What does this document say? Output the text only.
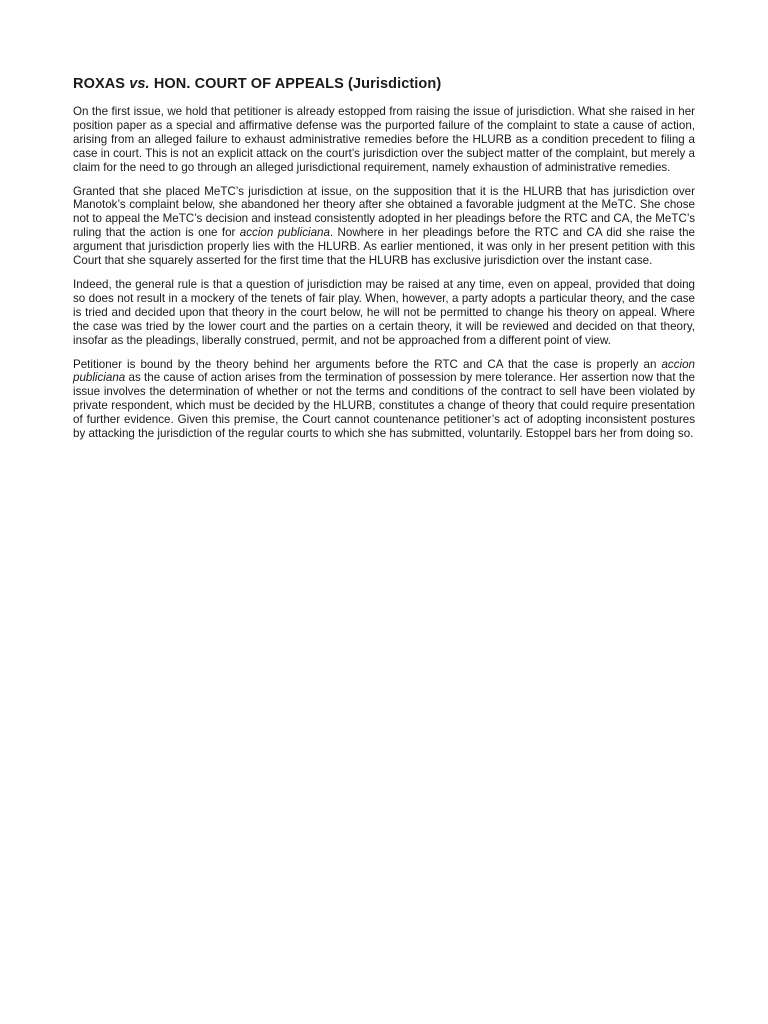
ROXAS vs. HON. COURT OF APPEALS (Jurisdiction)

On the first issue, we hold that petitioner is already estopped from raising the issue of jurisdiction. What she raised in her position paper as a special and affirmative defense was the purported failure of the complaint to state a cause of action, arising from an alleged failure to exhaust administrative remedies before the HLURB as a condition precedent to filing a case in court. This is not an explicit attack on the court’s jurisdiction over the subject matter of the complaint, but merely a claim for the need to go through an alleged jurisdictional requirement, namely exhaustion of administrative remedies.

Granted that she placed MeTC’s jurisdiction at issue, on the supposition that it is the HLURB that has jurisdiction over Manotok’s complaint below, she abandoned her theory after she obtained a favorable judgment at the MeTC. She chose not to appeal the MeTC’s decision and instead consistently adopted in her pleadings before the RTC and CA, the MeTC’s ruling that the action is one for accion publiciana. Nowhere in her pleadings before the RTC and CA did she raise the argument that jurisdiction properly lies with the HLURB. As earlier mentioned, it was only in her present petition with this Court that she squarely asserted for the first time that the HLURB has exclusive jurisdiction over the instant case.

Indeed, the general rule is that a question of jurisdiction may be raised at any time, even on appeal, provided that doing so does not result in a mockery of the tenets of fair play. When, however, a party adopts a particular theory, and the case is tried and decided upon that theory in the court below, he will not be permitted to change his theory on appeal. Where the case was tried by the lower court and the parties on a certain theory, it will be reviewed and decided on that theory, insofar as the pleadings, liberally construed, permit, and not be approached from a different point of view.

Petitioner is bound by the theory behind her arguments before the RTC and CA that the case is properly an accion publiciana as the cause of action arises from the termination of possession by mere tolerance. Her assertion now that the issue involves the determination of whether or not the terms and conditions of the contract to sell have been violated by private respondent, which must be decided by the HLURB, constitutes a change of theory that could require presentation of further evidence. Given this premise, the Court cannot countenance petitioner’s act of adopting inconsistent postures by attacking the jurisdiction of the regular courts to which she has submitted, voluntarily. Estoppel bars her from doing so.
